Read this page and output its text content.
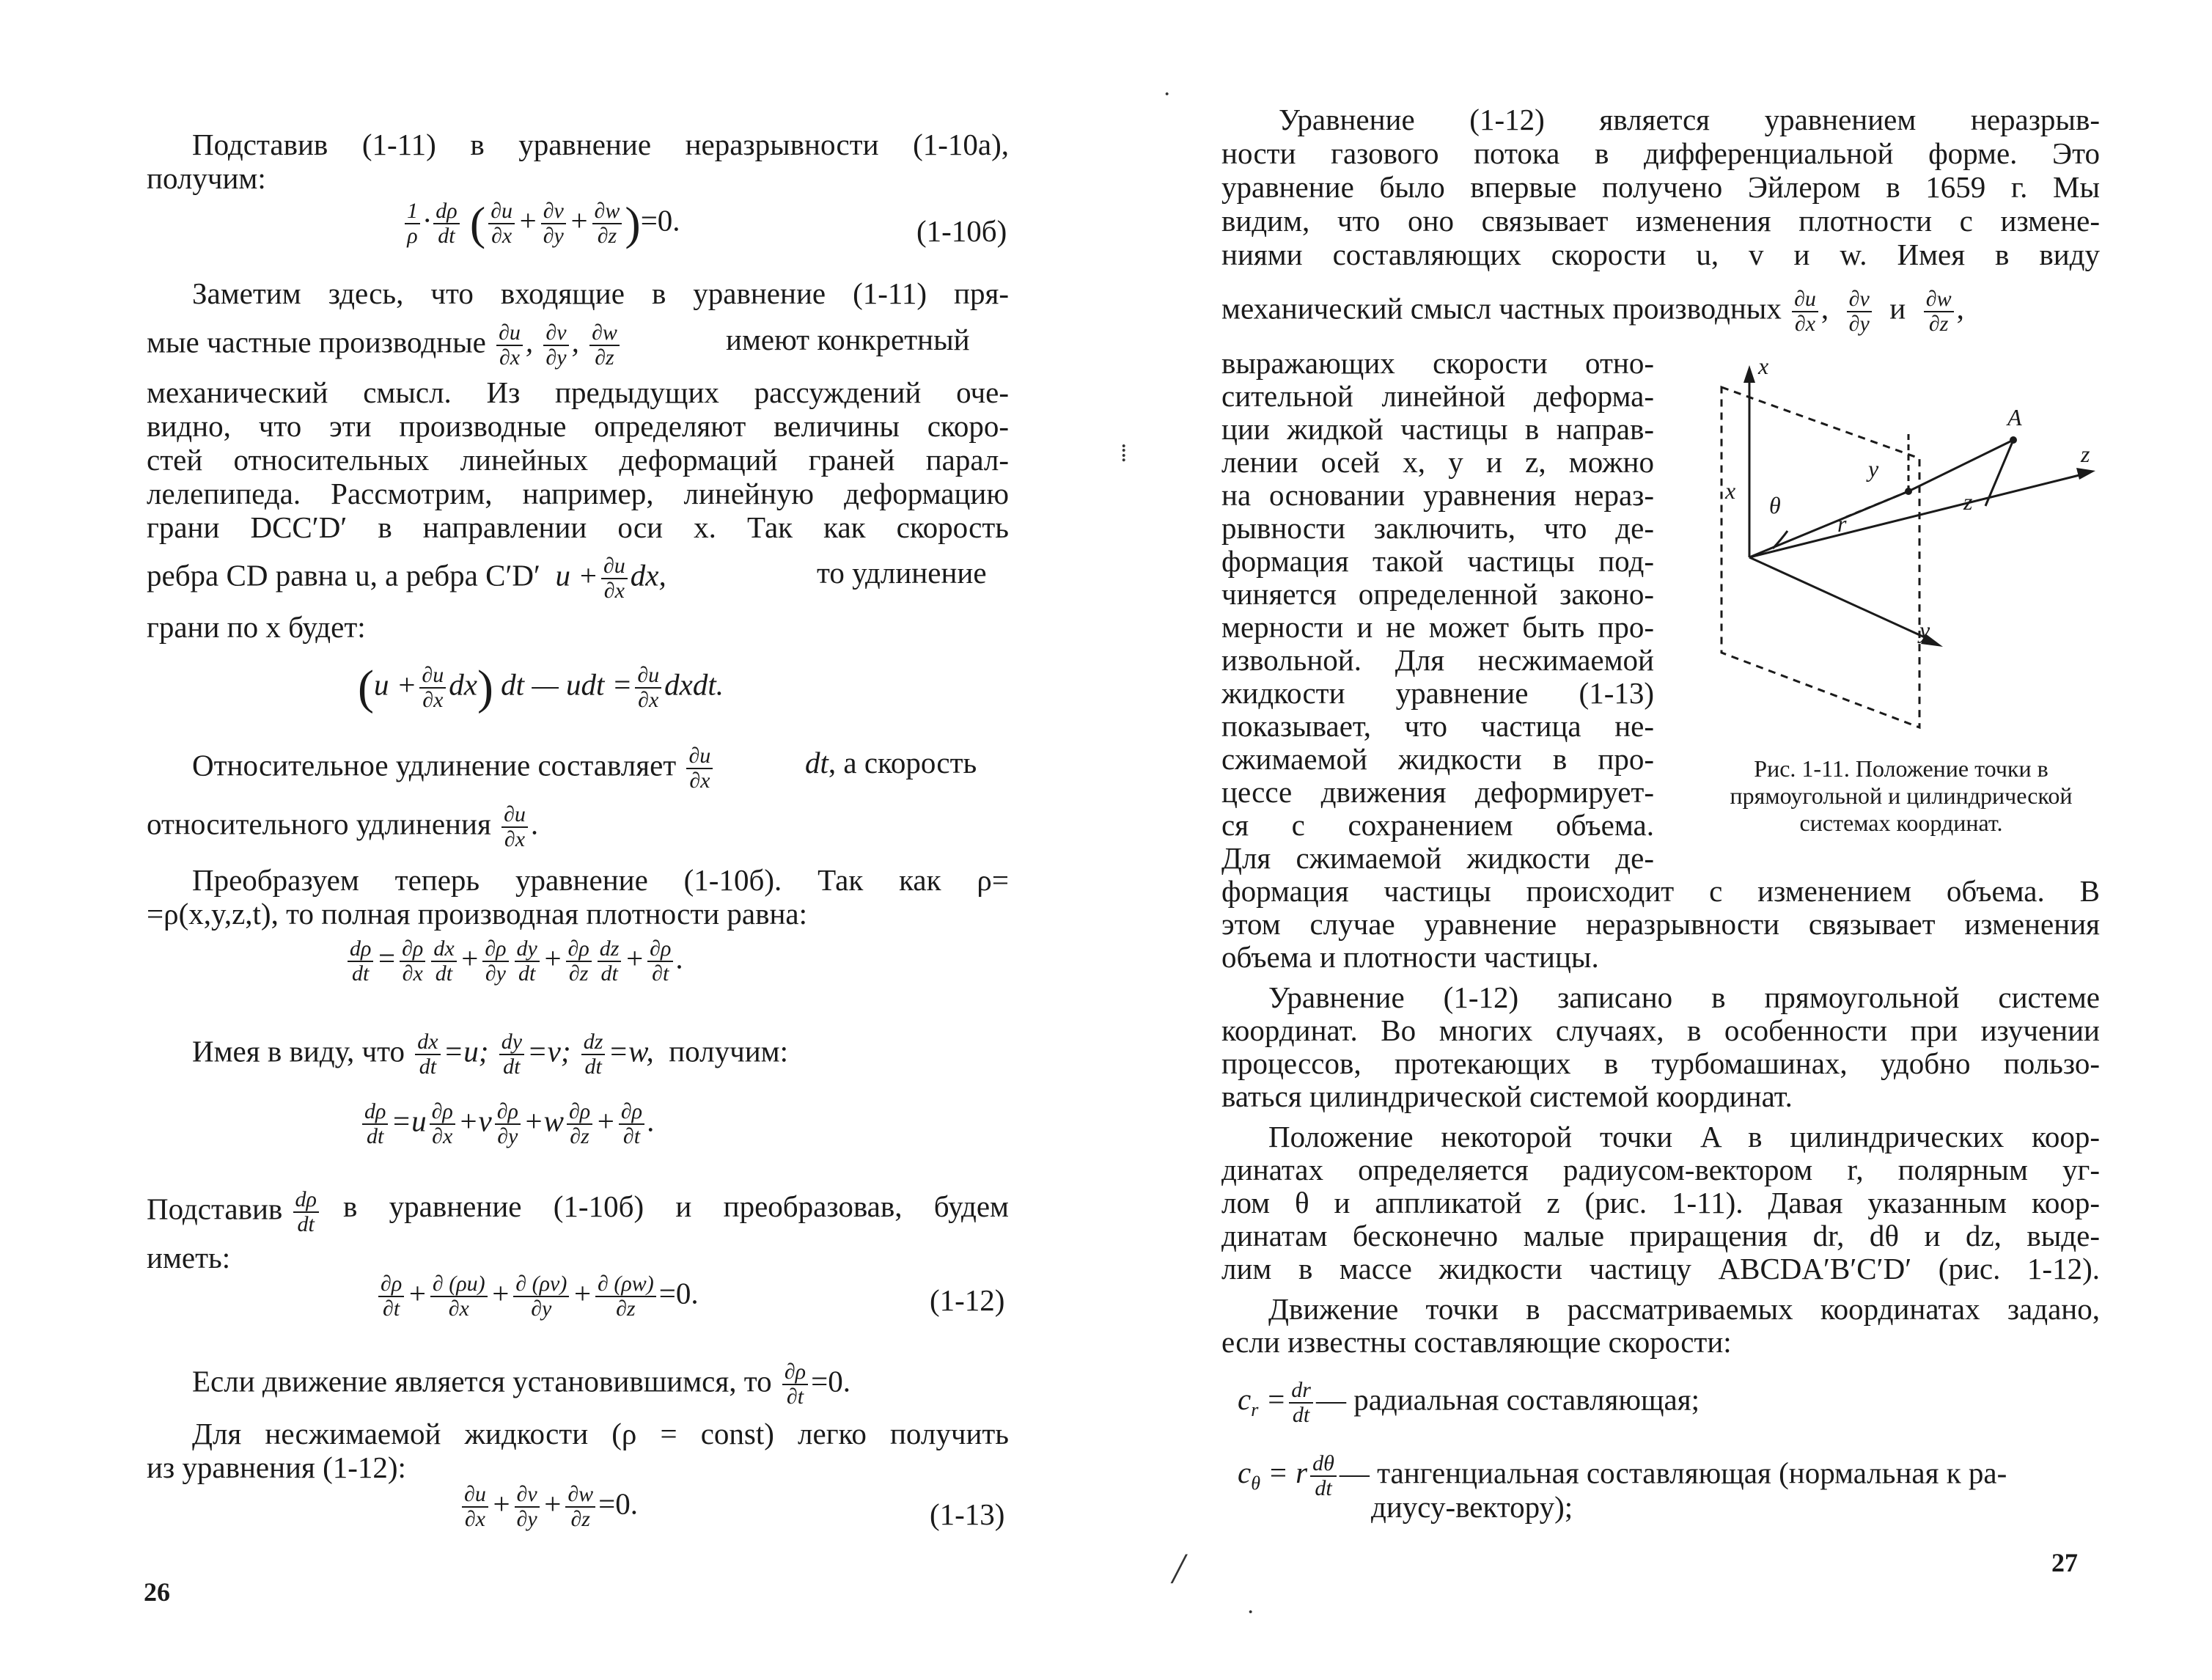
Подставив (1-11) в уравнение неразрывности (1-10а),
получим:
$\frac{1}{\rho} \cdot \frac{d\rho}{dt}$ ( $\frac{\partial u}{\partial x} + \frac{\partial v}{\partial y} + \frac{\partial w}{\partial z} )=0$.	(1-10б)
Заметим здесь, что входящие в уравнение (1-11) пря-
мые частные производные $\frac{\partial u}{\partial x}$ , $\frac{\partial v}{\partial y}$ , $\frac{\partial w}{\partial z}$	имеют конкретный
механический смысл. Из предыдущих рассуждений оче-
видно, что эти производные определяют величины скоро-
стей относительных линейных деформаций граней парал-
лелепипеда. Рассмотрим, например, линейную деформацию
грани DCC′D′ в направлении оси x. Так как скорость
ребра CD равна u, а ребра C′D′  $u + \frac{\partial u}{\partial x}$ dx,	то удлинение
грани по x будет:
$(u + \frac{\partial u}{\partial x} dx)$ dt — udt = $\frac{\partial u}{\partial x}$ dxdt.
Относительное удлинение составляет $\frac{\partial u}{\partial x}$	dt, а скорость
относительного удлинения $\frac{\partial u}{\partial x}$ .
Преобразуем теперь уравнение (1-10б). Так как ρ=
=ρ(x,y,z,t), то полная производная плотности равна:
$\frac{d\rho}{dt} = \frac{\partial\rho}{\partial x} \frac{dx}{dt} + \frac{\partial\rho}{\partial y} \frac{dy}{dt} + \frac{\partial\rho}{\partial z} \frac{dz}{dt} + \frac{\partial\rho}{\partial t}$ .
Имея в виду, что $\frac{dx}{dt} =u$; $\frac{dy}{dt} =v$; $\frac{dz}{dt} =w$, получим:
$\frac{d\rho}{dt} =u \frac{\partial\rho}{\partial x} +v \frac{\partial\rho}{\partial y} +w \frac{\partial\rho}{\partial z} + \frac{\partial\rho}{\partial t}$ .
Подставив $\frac{d\rho}{dt}$ в уравнение (1-10б) и преобразовав, будем
иметь:
$\frac{\partial\rho}{\partial t} + \frac{\partial (\rho u)}{\partial x} + \frac{\partial (\rho v)}{\partial y} + \frac{\partial (\rho w)}{\partial z} =0$.	(1-12)
Если движение является установившимся, то $\frac{\partial\rho}{\partial t} =0$.
Для несжимаемой жидкости (ρ = const) легко получить
из уравнения (1-12):
$\frac{\partial u}{\partial x} + \frac{\partial v}{\partial y} + \frac{\partial w}{\partial z} =0$.	(1-13)
26
⁞
Уравнение (1-12) является уравнением неразрыв-
ности газового потока в дифференциальной форме. Это
уравнение было впервые получено Эйлером в 1659 г. Мы
видим, что оно связывает изменения плотности с измене-
ниями составляющих скорости u, v и w. Имея в виду
механический смысл частных производных $\frac{\partial u}{\partial x}$ , $\frac{\partial v}{\partial y}$ и $\frac{\partial w}{\partial z}$ ,
выражающих скорости отно-
сительной линейной деформа-
ции жидкой частицы в направ-
лении осей x, y и z, можно
на основании уравнения нераз-
рывности заключить, что де-
формация такой частицы под-
чиняется определенной законо-
мерности и не может быть про-
извольной. Для несжимаемой
жидкости уравнение (1-13)
показывает, что частица не-
сжимаемой жидкости в про-
цессе движения деформирует-
ся с сохранением объема.
Для сжимаемой жидкости де-
x
z
y
A
x
y
z
r
θ
Рис. 1-11. Положение точки в
прямоугольной и цилиндрической
системах координат.
формация частицы происходит с изменением объема. В
этом случае уравнение неразрывности связывает изменения
объема и плотности частицы.
Уравнение (1-12) записано в прямоугольной системе
координат. Во многих случаях, в особенности при изучении
процессов, протекающих в турбомашинах, удобно пользо-
ваться цилиндрической системой координат.
Положение некоторой точки A в цилиндрических коор-
динатах определяется радиусом-вектором r, полярным уг-
лом θ и аппликатой z (рис. 1-11). Давая указанным коор-
динатам бесконечно малые приращения dr, dθ и dz, выде-
лим в массе жидкости частицу ABCDA′B′C′D′ (рис. 1-12).
Движение точки в рассматриваемых координатах задано,
если известны составляющие скорости:
$c_r = \frac{dr}{dt}$ — радиальная составляющая;
$c_\theta = r \frac{d\theta}{dt}$ — тангенциальная составляющая (нормальная к ра-
диусу-вектору);
27
╱
·
·
